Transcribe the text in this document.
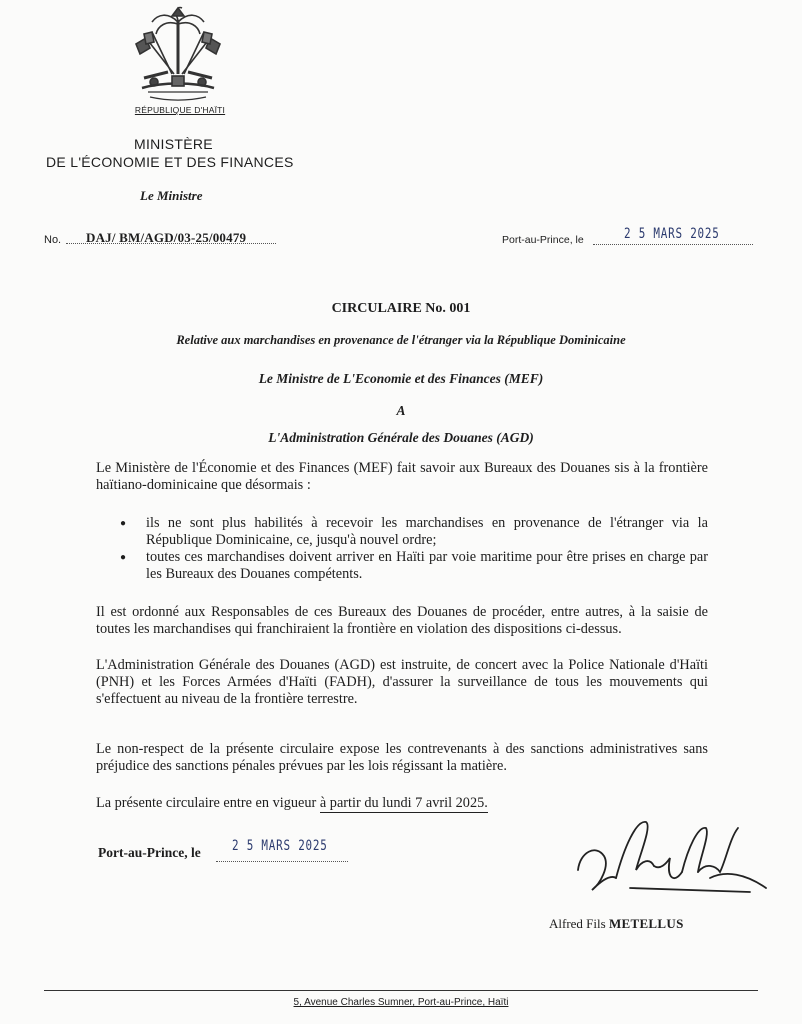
RÉPUBLIQUE D'HAÏTI
MINISTÈRE
DE L'ÉCONOMIE ET DES FINANCES
Le Ministre
No. DAJ/ BM/AGD/03-25/00479	Port-au-Prince, le	2 5 MARS 2025
CIRCULAIRE No. 001
Relative aux marchandises en provenance de l'étranger via la République Dominicaine
Le Ministre de L'Economie et des Finances (MEF)
A
L'Administration Générale des Douanes (AGD)
Le Ministère de l'Économie et des Finances (MEF) fait savoir aux Bureaux des Douanes sis à la frontière haïtiano-dominicaine que désormais :
● ils ne sont plus habilités à recevoir les marchandises en provenance de l'étranger via la République Dominicaine, ce, jusqu'à nouvel ordre;
● toutes ces marchandises doivent arriver en Haïti par voie maritime pour être prises en charge par les Bureaux des Douanes compétents.
Il est ordonné aux Responsables de ces Bureaux des Douanes de procéder, entre autres, à la saisie de toutes les marchandises qui franchiraient la frontière en violation des dispositions ci-dessus.
L'Administration Générale des Douanes (AGD) est instruite, de concert avec la Police Nationale d'Haïti (PNH) et les Forces Armées d'Haïti (FADH), d'assurer la surveillance de tous les mouvements qui s'effectuent au niveau de la frontière terrestre.
Le non-respect de la présente circulaire expose les contrevenants à des sanctions administratives sans préjudice des sanctions pénales prévues par les lois régissant la matière.
La présente circulaire entre en vigueur à partir du lundi 7 avril 2025.
Port-au-Prince, le 2 5 MARS 2025
Alfred Fils METELLUS
5, Avenue Charles Sumner, Port-au-Prince, Haïti
